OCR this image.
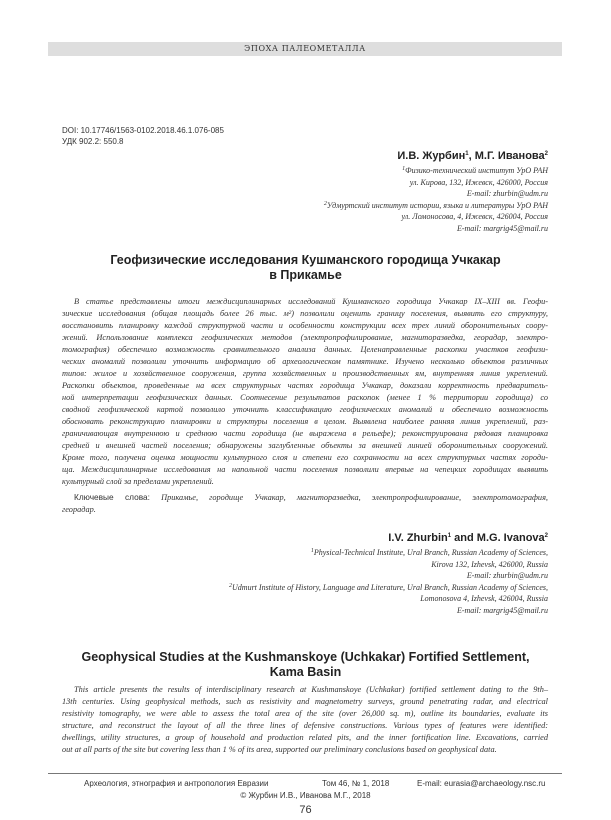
ЭПОХА ПАЛЕОМЕТАЛЛА
DOI: 10.17746/1563-0102.2018.46.1.076-085
УДК 902.2: 550.8
И.В. Журбин$^1$, М.Г. Иванова$^2$
$^1$Физико-технический институт УрО РАН
ул. Кирова, 132, Ижевск, 426000, Россия
E-mail: zhurbin@udm.ru
$^2$Удмуртский институт истории, языка и литературы УрО РАН
ул. Ломоносова, 4, Ижевск, 426004, Россия
E-mail: margrig45@mail.ru
Геофизические исследования Кушманского городища Учкакар
в Прикамье
В статье представлены итоги междисциплинарных исследований Кушманского городища Учкакар IX–XIII вв. Геофи-
зические исследования (общая площадь более 26 тыс. м²) позволили оценить границу поселения, выявить его структуру,
восстановить планировку каждой структурной части и особенности конструкции всех трех линий оборонительных соору-
жений. Использование комплекса геофизических методов (электропрофилирование, магниторазведка, георадар, электро-
томография) обеспечило возможность сравнительного анализа данных. Целенаправленные раскопки участков геофизи-
ческих аномалий позволили уточнить информацию об археологическом памятнике. Изучено несколько объектов различных
типов: жилое и хозяйственное сооружения, группа хозяйственных и производственных ям, внутренняя линия укреплений.
Раскопки объектов, проведенные на всех структурных частях городища Учкакар, доказали корректность предваритель-
ной интерпретации геофизических данных. Соотнесение результатов раскопок (менее 1 % территории городища) со
сводной геофизической картой позволило уточнить классификацию геофизических аномалий и обеспечило возможность
обосновать реконструкцию планировки и структуры поселения в целом. Выявлена наиболее ранняя линия укреплений, раз-
граничивающая внутреннюю и среднюю части городища (не выражена в рельефе); реконструирована рядовая планировка
средней и внешней частей поселения; обнаружены заглубленные объекты за внешней линией оборонительных сооружений.
Кроме того, получена оценка мощности культурного слоя и степени его сохранности на всех структурных частях городи-
ща. Междисциплинарные исследования на напольной части поселения позволили впервые на чепецких городищах выявить
культурный слой за пределами укреплений.
Ключевые слова: Прикамье, городище Учкакар, магниторазведка, электропрофилирование, электротомография,
георадар.
I.V. Zhurbin$^1$ and M.G. Ivanova$^2$
$^1$Physical-Technical Institute, Ural Branch, Russian Academy of Sciences,
Kirova 132, Izhevsk, 426000, Russia
E-mail: zhurbin@udm.ru
$^2$Udmurt Institute of History, Language and Literature, Ural Branch, Russian Academy of Sciences,
Lomonosova 4, Izhevsk, 426004, Russia
E-mail: margrig45@mail.ru
Geophysical Studies at the Kushmanskoye (Uchkakar) Fortified Settlement,
Kama Basin
This article presents the results of interdisciplinary research at Kushmanskoye (Uchkakar) fortified settlement dating to the 9th–
13th centuries. Using geophysical methods, such as resistivity and magnetometry surveys, ground penetrating radar, and electrical
resistivity tomography, we were able to assess the total area of the site (over 26,000 sq. m), outline its boundaries, evaluate its
structure, and reconstruct the layout of all the three lines of defensive constructions. Various types of features were identified:
dwellings, utility structures, a group of household and production related pits, and the inner fortification line. Excavations, carried
out at all parts of the site but covering less than 1 % of its area, supported our preliminary conclusions based on geophysical data.
Археология, этнография и антропология Евразии	Том 46, № 1, 2018	E-mail: eurasia@archaeology.nsc.ru
© Журбин И.В., Иванова М.Г., 2018
76
